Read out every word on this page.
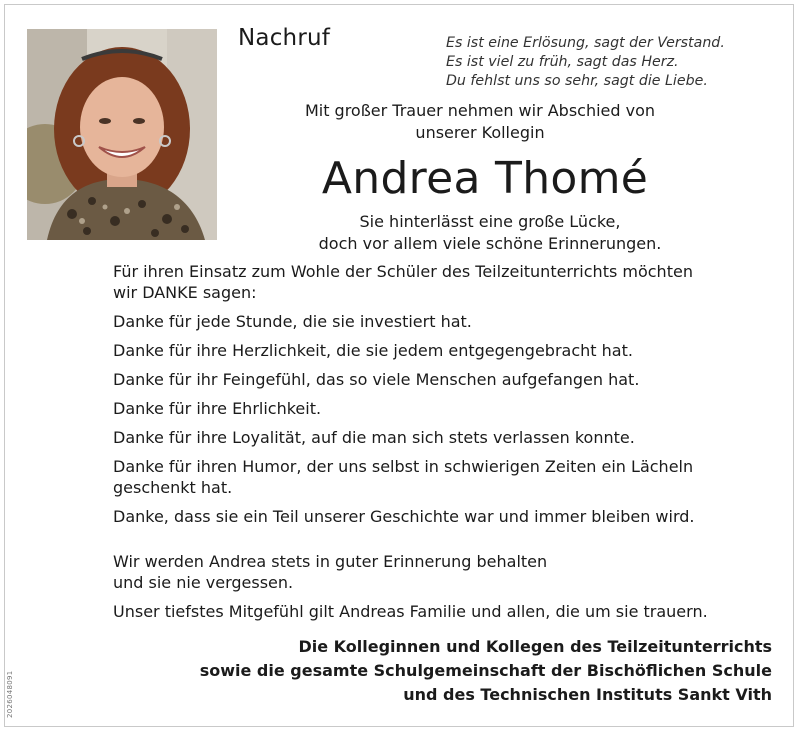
Nachruf	Es ist eine Erlösung, sagt der Verstand.
Es ist viel zu früh, sagt das Herz.
Du fehlst uns so sehr, sagt die Liebe.
Mit großer Trauer nehmen wir Abschied von
unserer Kollegin
Andrea Thomé
Sie hinterlässt eine große Lücke,
doch vor allem viele schöne Erinnerungen.

Für ihren Einsatz zum Wohle der Schüler des Teilzeitunterrichts möchten
wir DANKE sagen:

Danke für jede Stunde, die sie investiert hat.

Danke für ihre Herzlichkeit, die sie jedem entgegengebracht hat.

Danke für ihr Feingefühl, das so viele Menschen aufgefangen hat.

Danke für ihre Ehrlichkeit.

Danke für ihre Loyalität, auf die man sich stets verlassen konnte.

Danke für ihren Humor, der uns selbst in schwierigen Zeiten ein Lächeln
geschenkt hat.

Danke, dass sie ein Teil unserer Geschichte war und immer bleiben wird.

Wir werden Andrea stets in guter Erinnerung behalten

und sie nie vergessen.

Unser tiefstes Mitgefühl gilt Andreas Familie und allen, die um sie trauern.
Die Kolleginnen und Kollegen des Teilzeitunterrichts
sowie die gesamte Schulgemeinschaft der Bischöflichen Schule
und des Technischen Instituts Sankt Vith
2026048091
